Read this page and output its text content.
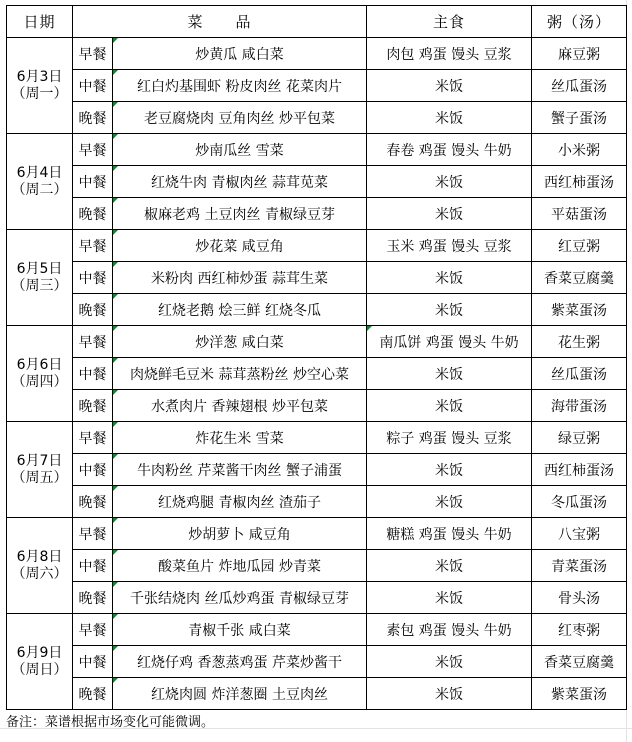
日期	菜　　品		主食	粥（汤）

6月3日
（周一）	早餐	炒黄瓜 咸白菜	肉包 鸡蛋 馒头 豆浆	麻豆粥
	中餐	红白灼基围虾 粉皮肉丝 花菜肉片	米饭	丝瓜蛋汤
	晚餐	老豆腐烧肉 豆角肉丝 炒平包菜	米饭	蟹子蛋汤

6月4日
（周二）	早餐	炒南瓜丝 雪菜	春卷 鸡蛋 馒头 牛奶	小米粥
	中餐	红烧牛肉 青椒肉丝 蒜茸苋菜	米饭	西红柿蛋汤
	晚餐	椒麻老鸡 土豆肉丝 青椒绿豆芽	米饭	平菇蛋汤

6月5日
（周三）	早餐	炒花菜 咸豆角	玉米 鸡蛋 馒头 豆浆	红豆粥
	中餐	米粉肉 西红柿炒蛋 蒜茸生菜	米饭	香菜豆腐羹
	晚餐	红烧老鹅 烩三鲜 红烧冬瓜	米饭	紫菜蛋汤

6月6日
（周四）	早餐	炒洋葱 咸白菜	南瓜饼 鸡蛋 馒头 牛奶	花生粥
	中餐	肉烧鲜毛豆米 蒜茸蒸粉丝 炒空心菜	米饭	丝瓜蛋汤
	晚餐	水煮肉片 香辣翅根 炒平包菜	米饭	海带蛋汤

6月7日
（周五）	早餐	炸花生米 雪菜	粽子 鸡蛋 馒头 豆浆	绿豆粥
	中餐	牛肉粉丝 芹菜酱干肉丝 蟹子浦蛋	米饭	西红柿蛋汤
	晚餐	红烧鸡腿 青椒肉丝 渣茄子	米饭	冬瓜蛋汤

6月8日
（周六）	早餐	炒胡萝卜 咸豆角	糖糕 鸡蛋 馒头 牛奶	八宝粥
	中餐	酸菜鱼片 炸地瓜园 炒青菜	米饭	青菜蛋汤
	晚餐	千张结烧肉 丝瓜炒鸡蛋 青椒绿豆芽	米饭	骨头汤

6月9日
（周日）	早餐	青椒千张 咸白菜	素包 鸡蛋 馒头 牛奶	红枣粥
	中餐	红烧仔鸡 香葱蒸鸡蛋 芹菜炒酱干	米饭	香菜豆腐羹
	晚餐	红烧肉圆 炸洋葱圈 土豆肉丝	米饭	紫菜蛋汤
备注：菜谱根据市场变化可能微调。
